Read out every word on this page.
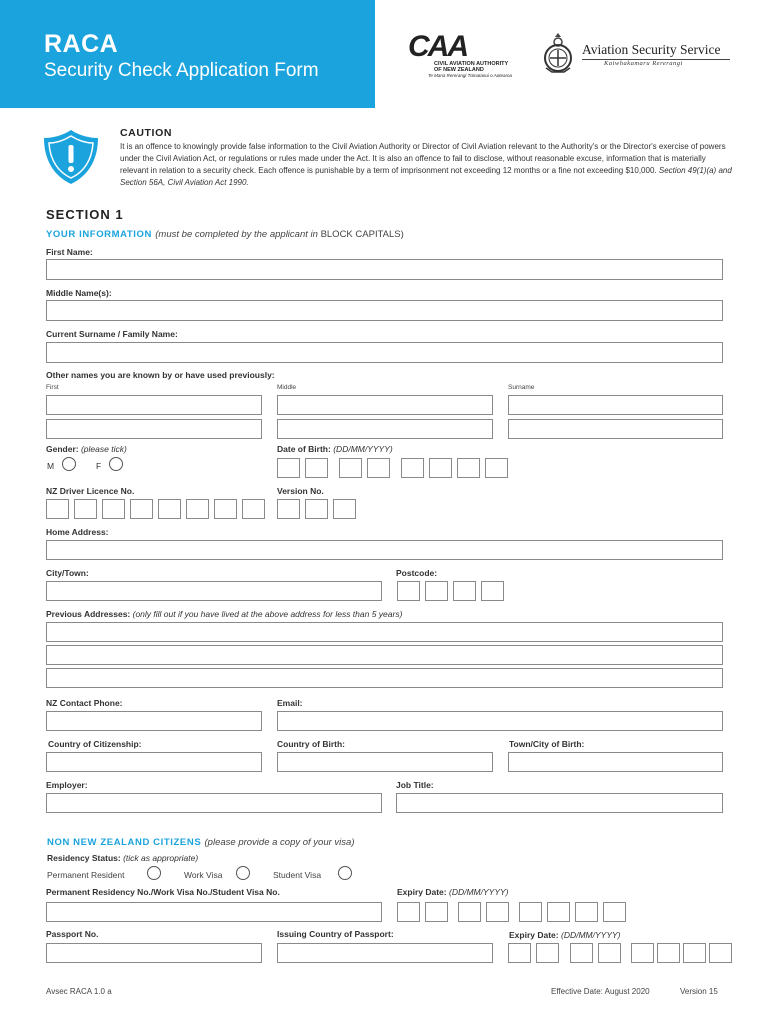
RACA
Security Check Application Form
CAA
CIVIL AVIATION AUTHORITY
OF NEW ZEALAND
Te Mana Rererangi Tūmatanui o Aotearoa
Aviation Security Service
Kaiwhakamaru Rererangi
CAUTION
It is an offence to knowingly provide false information to the Civil Aviation Authority or Director of Civil Aviation relevant to the Authority's or the Director's exercise of powers under the Civil Aviation Act, or regulations or rules made under the Act. It is also an offence to fail to disclose, without reasonable excuse, information that is materially relevant in relation to a security check. Each offence is punishable by a term of imprisonment not exceeding 12 months or a fine not exceeding $10,000. Section 49(1)(a) and Section 56A, Civil Aviation Act 1990.
SECTION 1
YOUR INFORMATION (must be completed by the applicant in BLOCK CAPITALS)
First Name:
Middle Name(s):
Current Surname / Family Name:
Other names you are known by or have used previously:
First	Middle	Surname
Gender: (please tick)
M	F
Date of Birth: (DD/MM/YYYY)
NZ Driver Licence No.	Version No.
Home Address:
City/Town:	Postcode:
Previous Addresses: (only fill out if you have lived at the above address for less than 5 years)
NZ Contact Phone:	Email:
Country of Citizenship:	Country of Birth:	Town/City of Birth:
Employer:	Job Title:
NON NEW ZEALAND CITIZENS (please provide a copy of your visa)
Residency Status: (tick as appropriate)
Permanent Resident	Work Visa	Student Visa
Permanent Residency No./Work Visa No./Student Visa No.	Expiry Date: (DD/MM/YYYY)
Passport No.	Issuing Country of Passport:	Expiry Date: (DD/MM/YYYY)
Avsec RACA 1.0 a	Effective Date: August 2020	Version 15
